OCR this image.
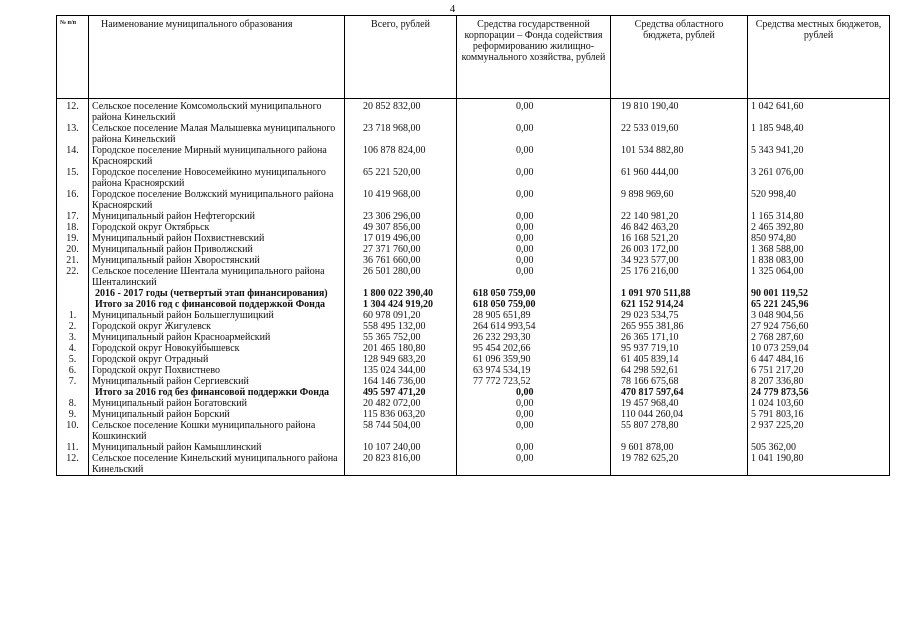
4
№ п/п	Наименование муниципального образования	Всего, рублей	Средства государственной корпорации – Фонда содействия реформированию жилищно-коммунального хозяйства, рублей	Средства областного бюджета, рублей	Средства местных бюджетов, рублей
12.	Сельское поселение Комсомольский муниципального района Кинельский	20 852 832,00	0,00	19 810 190,40	1 042 641,60
13.	Сельское поселение Малая Малышевка муниципального района Кинельский	23 718 968,00	0,00	22 533 019,60	1 185 948,40
14.	Городское поселение Мирный муниципального района Красноярский	106 878 824,00	0,00	101 534 882,80	5 343 941,20
15.	Городское поселение Новосемейкино муниципального района Красноярский	65 221 520,00	0,00	61 960 444,00	3 261 076,00
16.	Городское поселение Волжский муниципального района Красноярский	10 419 968,00	0,00	9 898 969,60	520 998,40
17.	Муниципальный район Нефтегорский	23 306 296,00	0,00	22 140 981,20	1 165 314,80
18.	Городской округ Октябрьск	49 307 856,00	0,00	46 842 463,20	2 465 392,80
19.	Муниципальный район Похвистневский	17 019 496,00	0,00	16 168 521,20	850 974,80
20.	Муниципальный район Приволжский	27 371 760,00	0,00	26 003 172,00	1 368 588,00
21.	Муниципальный район Хворостянский	36 761 660,00	0,00	34 923 577,00	1 838 083,00
22.	Сельское поселение Шентала муниципального района Шенталинский	26 501 280,00	0,00	25 176 216,00	1 325 064,00
	2016 - 2017 годы (четвертый этап финансирования)	1 800 022 390,40	618 050 759,00	1 091 970 511,88	90 001 119,52
	Итого за 2016 год с финансовой поддержкой Фонда	1 304 424 919,20	618 050 759,00	621 152 914,24	65 221 245,96
1.	Муниципальный район Большеглушицкий	60 978 091,20	28 905 651,89	29 023 534,75	3 048 904,56
2.	Городской округ Жигулевск	558 495 132,00	264 614 993,54	265 955 381,86	27 924 756,60
3.	Муниципальный район Красноармейский	55 365 752,00	26 232 293,30	26 365 171,10	2 768 287,60
4.	Городской округ Новокуйбышевск	201 465 180,80	95 454 202,66	95 937 719,10	10 073 259,04
5.	Городской округ Отрадный	128 949 683,20	61 096 359,90	61 405 839,14	6 447 484,16
6.	Городской округ Похвистнево	135 024 344,00	63 974 534,19	64 298 592,61	6 751 217,20
7.	Муниципальный район Сергиевский	164 146 736,00	77 772 723,52	78 166 675,68	8 207 336,80
	Итого за 2016 год без финансовой поддержки Фонда	495 597 471,20	0,00	470 817 597,64	24 779 873,56
8.	Муниципальный район Богатовский	20 482 072,00	0,00	19 457 968,40	1 024 103,60
9.	Муниципальный район Борский	115 836 063,20	0,00	110 044 260,04	5 791 803,16
10.	Сельское поселение Кошки муниципального района Кошкинский	58 744 504,00	0,00	55 807 278,80	2 937 225,20
11.	Муниципальный район Камышлинский	10 107 240,00	0,00	9 601 878,00	505 362,00
12.	Сельское поселение Кинельский муниципального района Кинельский	20 823 816,00	0,00	19 782 625,20	1 041 190,80
